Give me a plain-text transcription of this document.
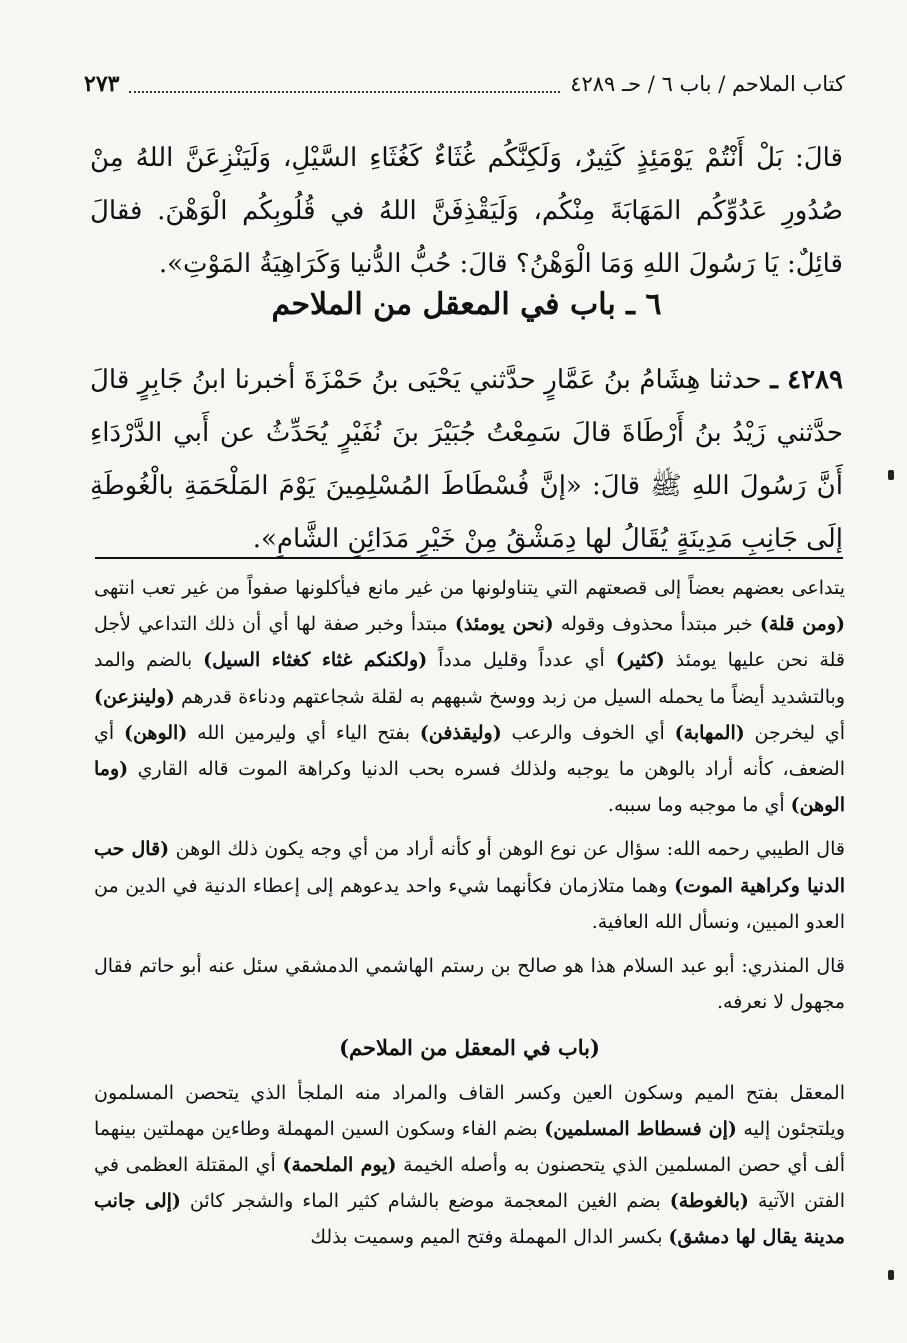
كتاب الملاحم / باب ٦ / حـ ٤٢٨٩
٢٧٣
قالَ: بَلْ أَنْتُمْ يَوْمَئِذٍ كَثِيرٌ، وَلَكِنَّكُم غُثَاءٌ كَغُثَاءِ السَّيْلِ، وَلَيَنْزِعَنَّ اللهُ مِنْ صُدُورِ عَدُوِّكُم المَهَابَةَ مِنْكُم، وَلَيَقْذِفَنَّ اللهُ في قُلُوبِكُم الْوَهْنَ. فقالَ قائِلٌ: يَا رَسُولَ اللهِ وَمَا الْوَهْنُ؟ قالَ: حُبُّ الدُّنيا وَكَرَاهِيَةُ المَوْتِ».
٦ ـ باب في المعقل من الملاحم
٤٢٨٩ ـ حدثنا هِشَامُ بنُ عَمَّارٍ حدَّثني يَحْيَى بنُ حَمْزَةَ أخبرنا ابنُ جَابِرٍ قالَ حدَّثني زَيْدُ بنُ أَرْطَاةَ قالَ سَمِعْتُ جُبَيْرَ بنَ نُفَيْرٍ يُحَدِّثُ عن أَبي الدَّرْدَاءِ أَنَّ رَسُولَ اللهِ ﷺ قالَ: «إنَّ فُسْطَاطَ المُسْلِمِينَ يَوْمَ المَلْحَمَةِ بالْغُوطَةِ إلَى جَانِبِ مَدِينَةٍ يُقَالُ لها دِمَشْقُ مِنْ خَيْرِ مَدَائِنِ الشَّامِ».

يتداعى بعضهم بعضاً إلى قصعتهم التي يتناولونها من غير مانع فيأكلونها صفواً من غير تعب انتهى (ومن قلة) خبر مبتدأ محذوف وقوله (نحن يومئذ) مبتدأ وخبر صفة لها أي أن ذلك التداعي لأجل قلة نحن عليها يومئذ (كثير) أي عدداً وقليل مدداً (ولكنكم غثاء كغثاء السيل) بالضم والمد وبالتشديد أيضاً ما يحمله السيل من زبد ووسخ شبههم به لقلة شجاعتهم ودناءة قدرهم (ولينزعن) أي ليخرجن (المهابة) أي الخوف والرعب (وليقذفن) بفتح الياء أي وليرمين الله (الوهن) أي الضعف، كأنه أراد بالوهن ما يوجبه ولذلك فسره بحب الدنيا وكراهة الموت قاله القاري (وما الوهن) أي ما موجبه وما سببه.

قال الطيبي رحمه الله: سؤال عن نوع الوهن أو كأنه أراد من أي وجه يكون ذلك الوهن (قال حب الدنيا وكراهية الموت) وهما متلازمان فكأنهما شيء واحد يدعوهم إلى إعطاء الدنية في الدين من العدو المبين، ونسأل الله العافية.

قال المنذري: أبو عبد السلام هذا هو صالح بن رستم الهاشمي الدمشقي سئل عنه أبو حاتم فقال مجهول لا نعرفه.

(باب في المعقل من الملاحم)

المعقل بفتح الميم وسكون العين وكسر القاف والمراد منه الملجأ الذي يتحصن المسلمون ويلتجئون إليه (إن فسطاط المسلمين) بضم الفاء وسكون السين المهملة وطاءين مهملتين بينهما ألف أي حصن المسلمين الذي يتحصنون به وأصله الخيمة (يوم الملحمة) أي المقتلة العظمى في الفتن الآتية (بالغوطة) بضم الغين المعجمة موضع بالشام كثير الماء والشجر كائن (إلى جانب مدينة يقال لها دمشق) بكسر الدال المهملة وفتح الميم وسميت بذلك
